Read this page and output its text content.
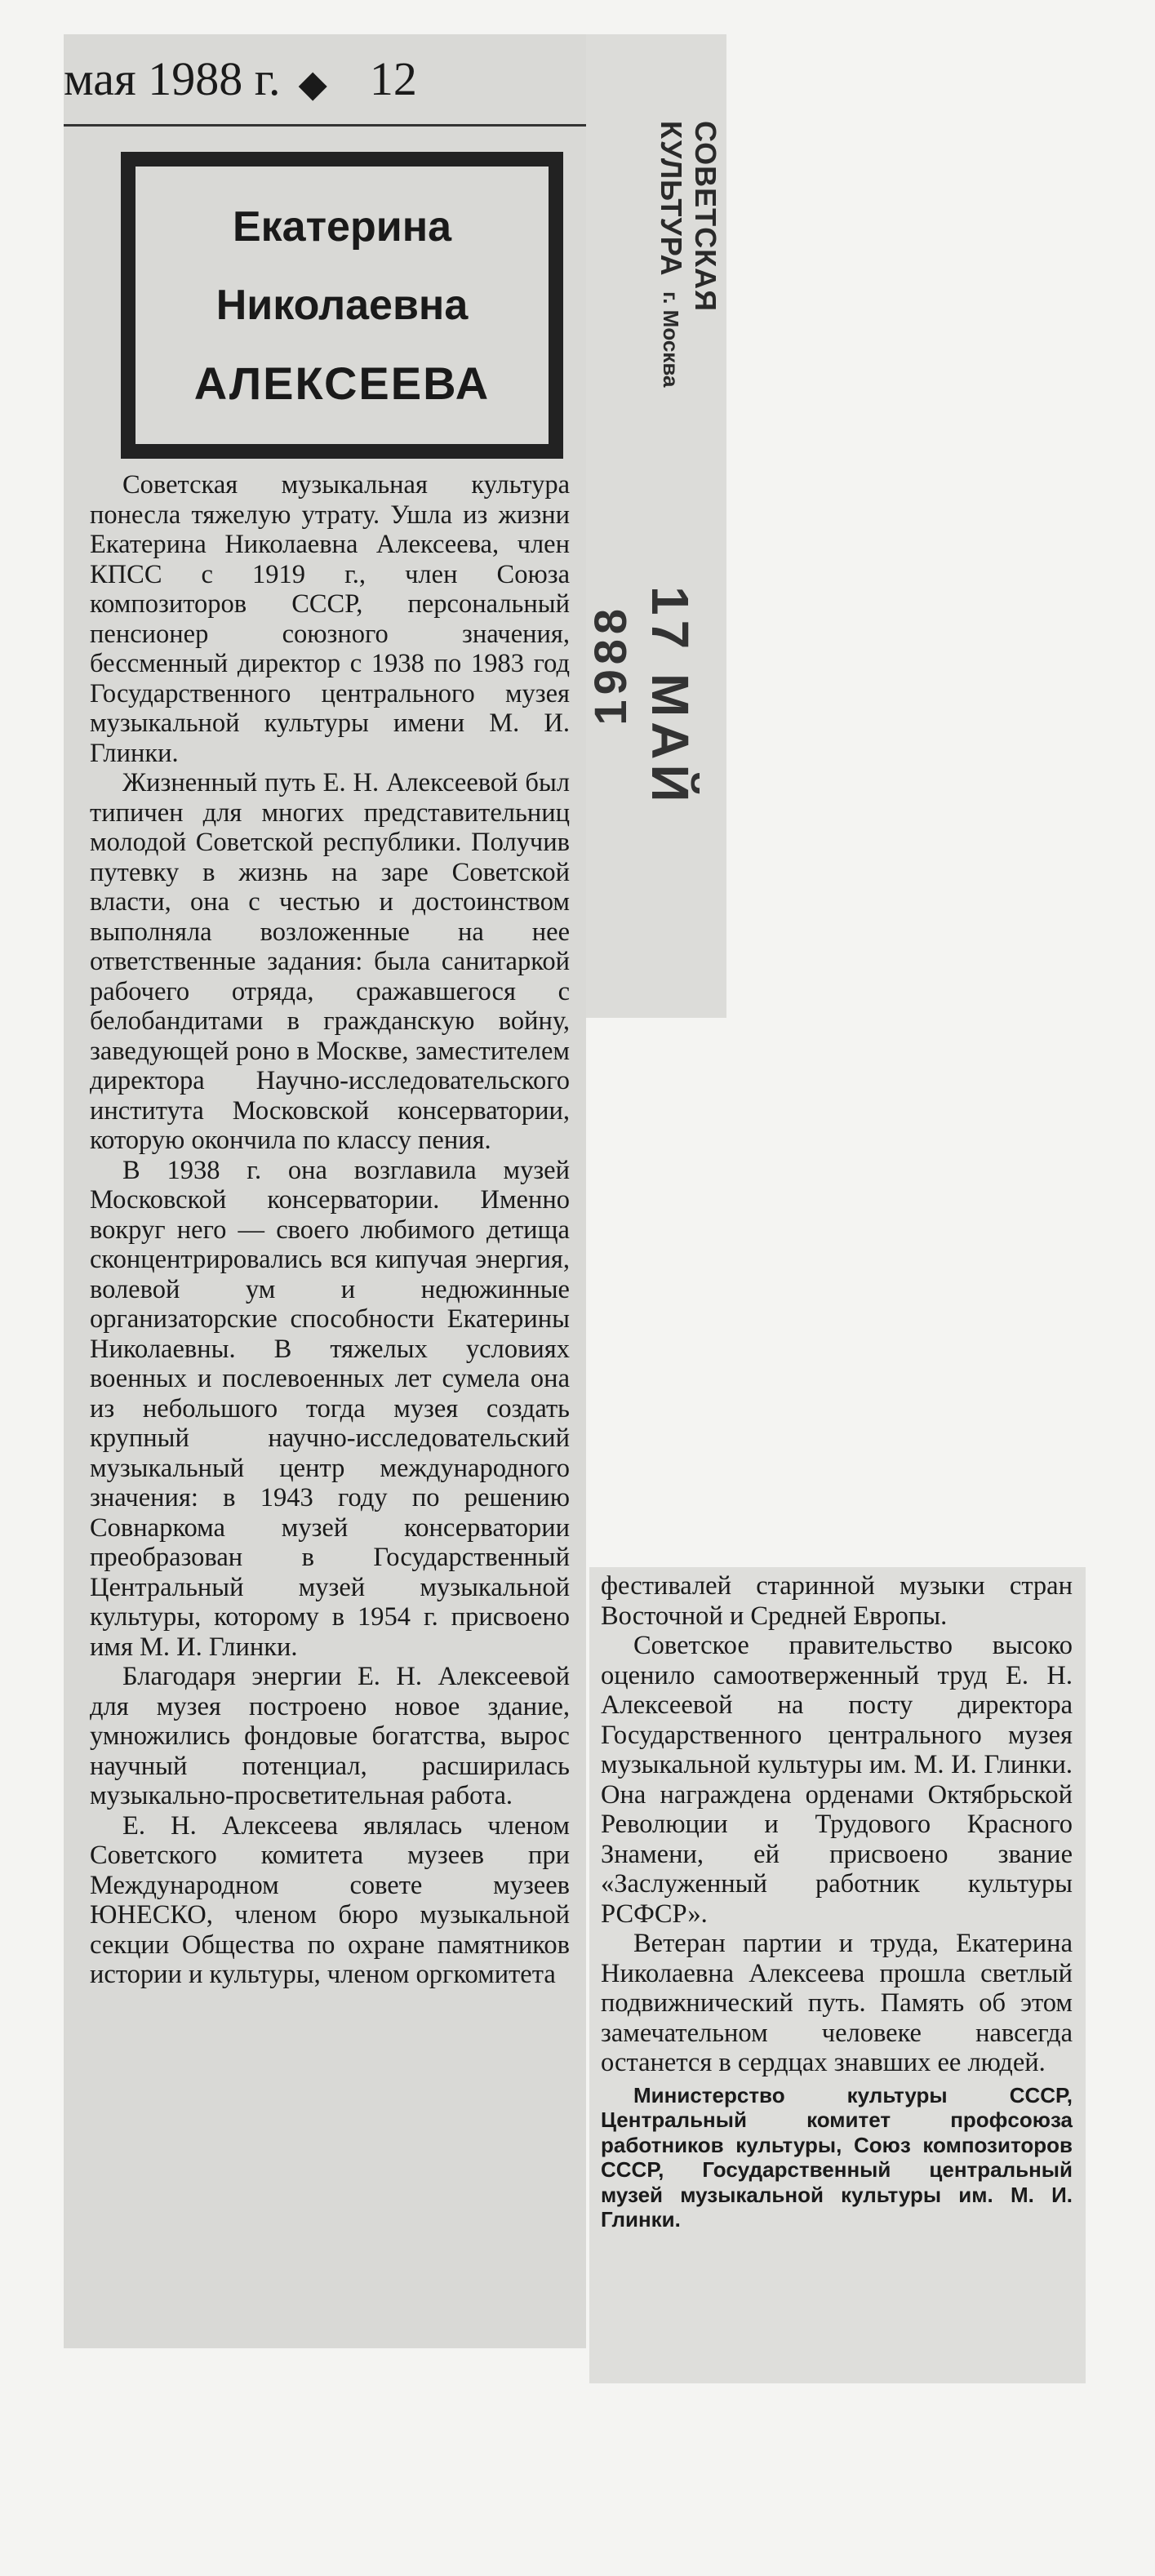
мая 1988 г. ◆ 12
Екатерина
Николаевна
АЛЕКСЕЕВА
СОВЕТСКАЯ КУЛЬТУРА г. Москва
17 МАЙ 1988

Советская музыкальная культура понесла тяжелую утрату. Ушла из жизни Екатерина Николаевна Алексеева, член КПСС с 1919 г., член Союза композиторов СССР, персональный пенсионер союзного значения, бессменный директор с 1938 по 1983 год Государственного центрального музея музыкальной культуры имени М. И. Глинки.

Жизненный путь Е. Н. Алексеевой был типичен для многих представительниц молодой Советской республики. Получив путевку в жизнь на заре Советской власти, она с честью и достоинством выполняла возложенные на нее ответственные задания: была санитаркой рабочего отряда, сражавшегося с белобандитами в гражданскую войну, заведующей роно в Москве, заместителем директора Научно-исследовательского института Московской консерватории, которую окончила по классу пения.

В 1938 г. она возглавила музей Московской консерватории. Именно вокруг него — своего любимого детища сконцентрировались вся кипучая энергия, волевой ум и недюжинные организаторские способности Екатерины Николаевны. В тяжелых условиях военных и послевоенных лет сумела она из небольшого тогда музея создать крупный научно-исследовательский музыкальный центр международного значения: в 1943 году по решению Совнаркома музей консерватории преобразован в Государственный Центральный музей музыкальной культуры, которому в 1954 г. присвоено имя М. И. Глинки.

Благодаря энергии Е. Н. Алексеевой для музея построено новое здание, умножились фондовые богатства, вырос научный потенциал, расширилась музыкально-просветительная работа.

Е. Н. Алексеева являлась членом Советского комитета музеев при Международном совете музеев ЮНЕСКО, членом бюро музыкальной секции Общества по охране памятников истории и культуры, членом оргкомитета

фестивалей старинной музыки стран Восточной и Средней Европы.

Советское правительство высоко оценило самоотверженный труд Е. Н. Алексеевой на посту директора Государственного центрального музея музыкальной культуры им. М. И. Глинки. Она награждена орденами Октябрьской Революции и Трудового Красного Знамени, ей присвоено звание «Заслуженный работник культуры РСФСР».

Ветеран партии и труда, Екатерина Николаевна Алексеева прошла светлый подвижнический путь. Память об этом замечательном человеке навсегда останется в сердцах знавших ее людей.

Министерство культуры СССР, Центральный комитет профсоюза работников культуры, Союз композиторов СССР, Государственный центральный музей музыкальной культуры им. М. И. Глинки.
